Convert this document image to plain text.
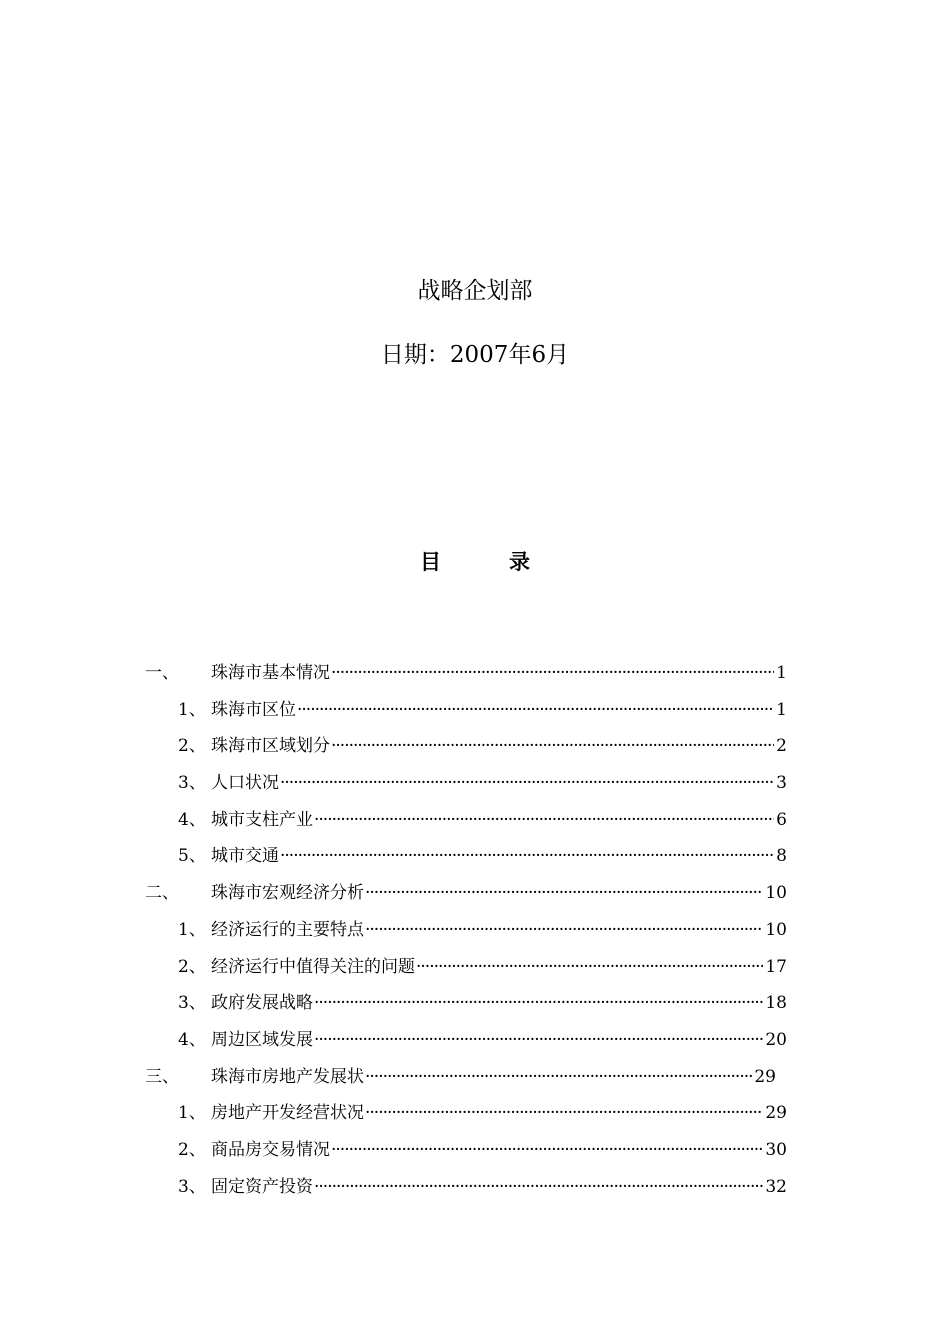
战略企划部
日期：2007年6月
目	录
一、 珠海市基本情况 ·····	1
1、 珠海市区位 ·····	1
2、 珠海市区域划分 ·····	2
3、 人口状况 ·····	3
4、 城市支柱产业 ·····	6
5、 城市交通 ·····	8
二、 珠海市宏观经济分析 ·····	10
1、 经济运行的主要特点 ·····	10
2、 经济运行中值得关注的问题 ·····	17
3、 政府发展战略 ·····	18
4、 周边区域发展 ·····	20
三、 珠海市房地产发展状 ·····	29
1、 房地产开发经营状况 ·····	29
2、 商品房交易情况 ·····	30
3、 固定资产投资 ·····	32
